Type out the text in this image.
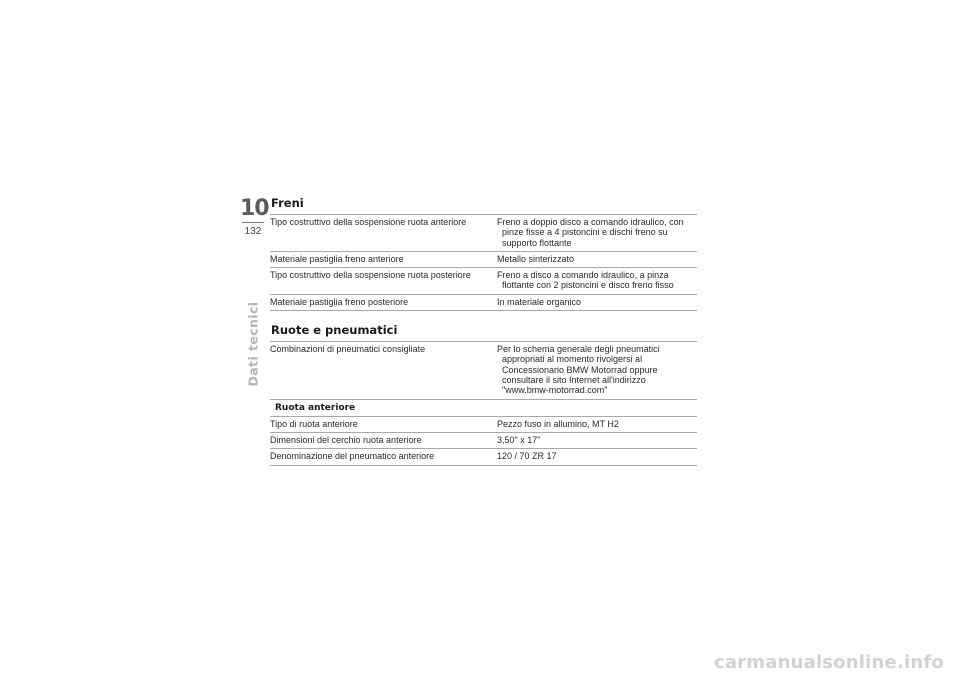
10
132
Dati tecnici
Freni
Tipo costruttivo della sospensione ruota anteriore	Freno a doppio disco a comando idraulico, con pinze fisse a 4 pistoncini e dischi freno su supporto flottante
Materiale pastiglia freno anteriore	Metallo sinterizzato
Tipo costruttivo della sospensione ruota posteriore	Freno a disco a comando idraulico, a pinza flottante con 2 pistoncini e disco freno fisso
Materiale pastiglia freno posteriore	In materiale organico
Ruote e pneumatici
Combinazioni di pneumatici consigliate	Per lo schema generale degli pneumatici appropriati al momento rivolgersi al Concessionario BMW Motorrad oppure consultare il sito Internet all'indirizzo "www.bmw-motorrad.com"
Ruota anteriore	
Tipo di ruota anteriore	Pezzo fuso in allumino, MT H2
Dimensioni del cerchio ruota anteriore	3,50" x 17"
Denominazione del pneumatico anteriore	120 / 70 ZR 17
carmanualsonline.info
